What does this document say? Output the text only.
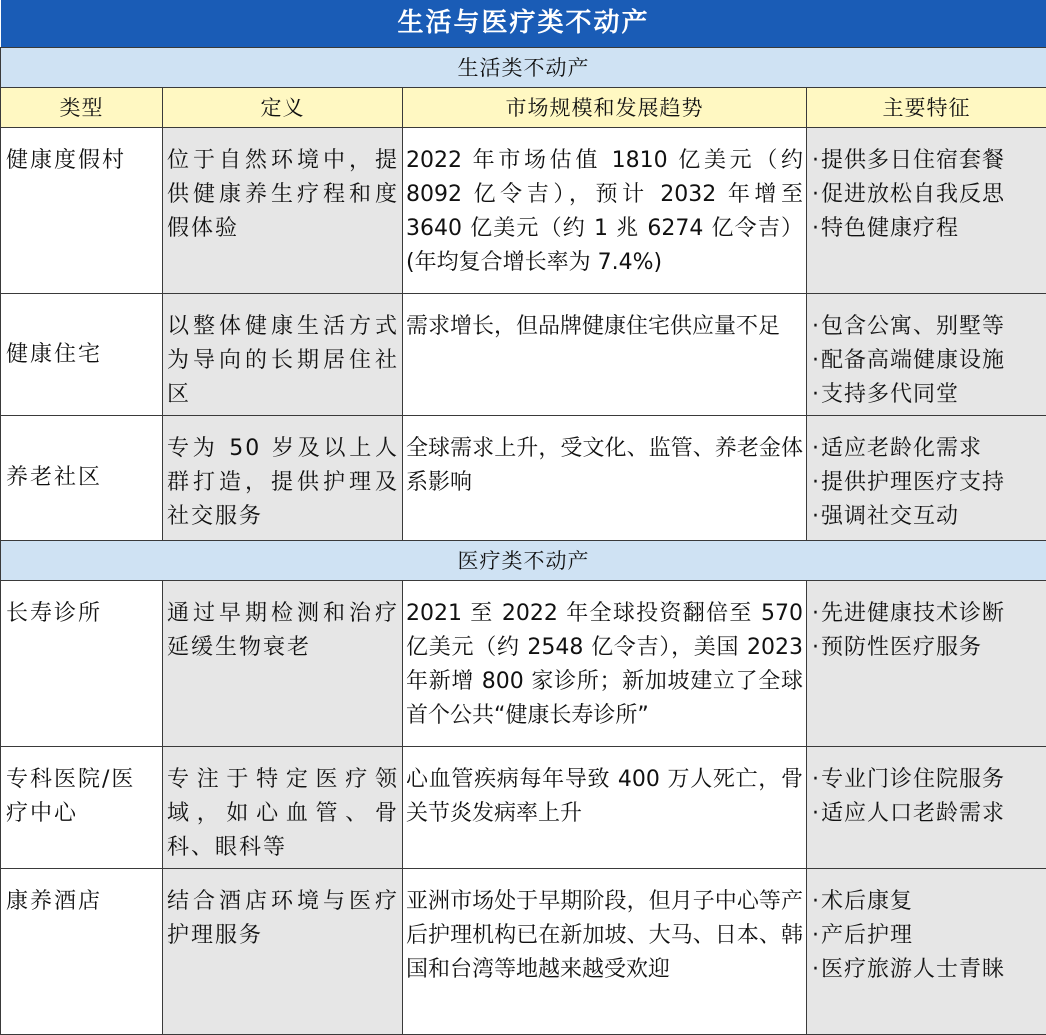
生活与医疗类不动产			
生活类不动产			
类型	定义	市场规模和发展趋势	主要特征
健康度假村	位于自然环境中，提供健康养生疗程和度假体验	2022 年市场估值 1810 亿美元（约 8092 亿令吉），预计 2032 年增至 3640 亿美元（约 1 兆 6274 亿令吉）(年均复合增长率为 7.4%)	· 提供多日住宿套餐
· 促进放松自我反思
· 特色健康疗程

健康住宅	以整体健康生活方式为导向的长期居住社区	需求增长，但品牌健康住宅供应量不足	· 包含公寓、别墅等
· 配备高端健康设施
· 支持多代同堂

养老社区	专为 50 岁及以上人群打造，提供护理及社交服务	全球需求上升，受文化、监管、养老金体系影响	· 适应老龄化需求
· 提供护理医疗支持
· 强调社交互动

医疗类不动产			
长寿诊所	通过早期检测和治疗延缓生物衰老	2021 至 2022 年全球投资翻倍至 570 亿美元（约 2548 亿令吉），美国 2023 年新增 800 家诊所；新加坡建立了全球首个公共“健康长寿诊所”	· 先进健康技术诊断
· 预防性医疗服务

专科医院/医疗中心	专注于特定医疗领域，如心血管、骨科、眼科等	心血管疾病每年导致 400 万人死亡，骨关节炎发病率上升	· 专业门诊住院服务
· 适应人口老龄需求

康养酒店	结合酒店环境与医疗护理服务	亚洲市场处于早期阶段，但月子中心等产后护理机构已在新加坡、大马、日本、韩国和台湾等地越来越受欢迎	· 术后康复
· 产后护理
· 医疗旅游人士青睐
